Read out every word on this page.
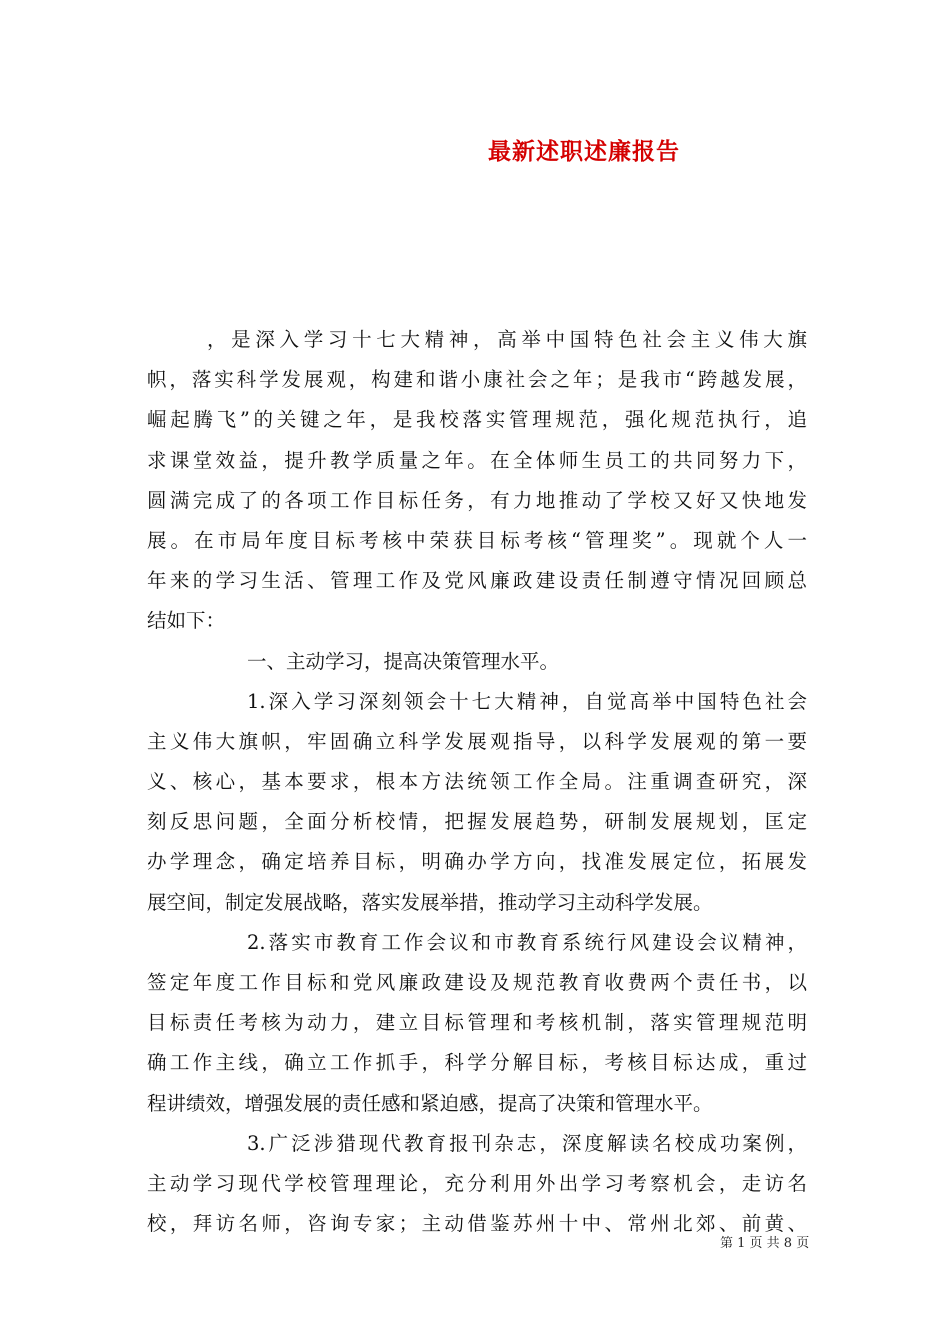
最新述职述廉报告
，是深入学习十七大精神，高举中国特色社会主义伟大旗
帜，落实科学发展观，构建和谐小康社会之年；是我市“跨越发展，
崛起腾飞”的关键之年，是我校落实管理规范，强化规范执行，追
求课堂效益，提升教学质量之年。在全体师生员工的共同努力下，
圆满完成了的各项工作目标任务，有力地推动了学校又好又快地发
展。在市局年度目标考核中荣获目标考核“管理奖”。现就个人一
年来的学习生活、管理工作及党风廉政建设责任制遵守情况回顾总
结如下：
一、主动学习，提高决策管理水平。
1.深入学习深刻领会十七大精神，自觉高举中国特色社会
主义伟大旗帜，牢固确立科学发展观指导，以科学发展观的第一要
义、核心，基本要求，根本方法统领工作全局。注重调查研究，深
刻反思问题，全面分析校情，把握发展趋势，研制发展规划，匡定
办学理念，确定培养目标，明确办学方向，找准发展定位，拓展发
展空间，制定发展战略，落实发展举措，推动学习主动科学发展。
2.落实市教育工作会议和市教育系统行风建设会议精神，
签定年度工作目标和党风廉政建设及规范教育收费两个责任书，以
目标责任考核为动力，建立目标管理和考核机制，落实管理规范明
确工作主线，确立工作抓手，科学分解目标，考核目标达成，重过
程讲绩效，增强发展的责任感和紧迫感，提高了决策和管理水平。
3.广泛涉猎现代教育报刊杂志，深度解读名校成功案例，
主动学习现代学校管理理论，充分利用外出学习考察机会，走访名
校，拜访名师，咨询专家；主动借鉴苏州十中、常州北郊、前黄、
第 1 页 共 8 页
